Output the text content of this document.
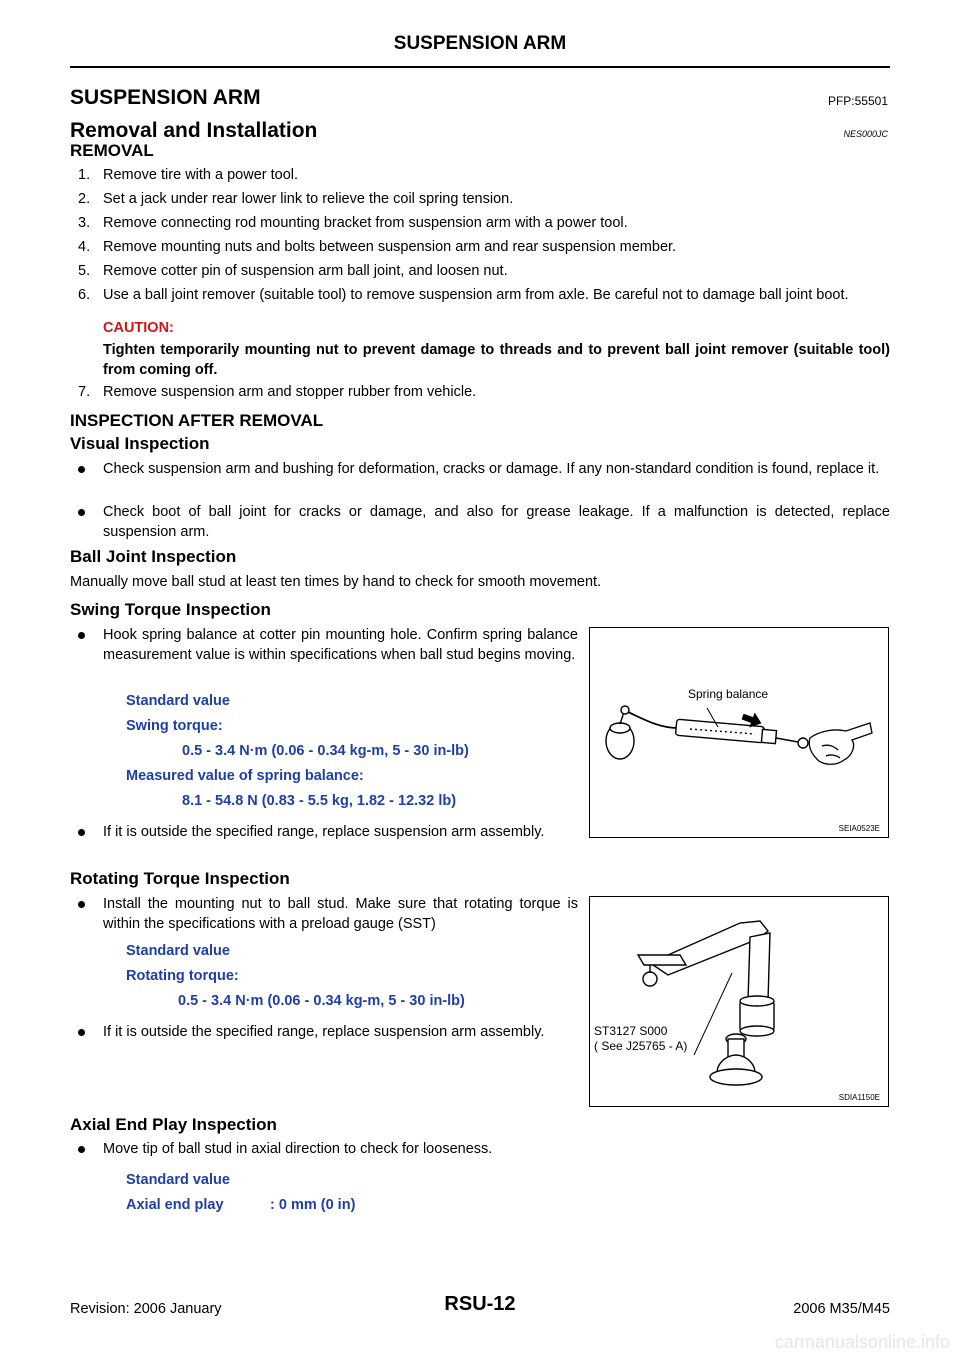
SUSPENSION ARM
SUSPENSION ARM	PFP:55501
Removal and Installation	NES000JC
REMOVAL
1. Remove tire with a power tool.
2. Set a jack under rear lower link to relieve the coil spring tension.
3. Remove connecting rod mounting bracket from suspension arm with a power tool.
4. Remove mounting nuts and bolts between suspension arm and rear suspension member.
5. Remove cotter pin of suspension arm ball joint, and loosen nut.
6. Use a ball joint remover (suitable tool) to remove suspension arm from axle. Be careful not to damage ball joint boot.
CAUTION:
Tighten temporarily mounting nut to prevent damage to threads and to prevent ball joint remover (suitable tool) from coming off.
7. Remove suspension arm and stopper rubber from vehicle.
INSPECTION AFTER REMOVAL
Visual Inspection
Check suspension arm and bushing for deformation, cracks or damage. If any non-standard condition is found, replace it.
Check boot of ball joint for cracks or damage, and also for grease leakage. If a malfunction is detected, replace suspension arm.
Ball Joint Inspection
Manually move ball stud at least ten times by hand to check for smooth movement.
Swing Torque Inspection
Hook spring balance at cotter pin mounting hole. Confirm spring balance measurement value is within specifications when ball stud begins moving.
Standard value
Swing torque:
0.5 - 3.4 N·m (0.06 - 0.34 kg-m, 5 - 30 in-lb)
Measured value of spring balance:
8.1 - 54.8 N (0.83 - 5.5 kg, 1.82 - 12.32 lb)
If it is outside the specified range, replace suspension arm assembly.
Spring balance
SEIA0523E
Rotating Torque Inspection
Install the mounting nut to ball stud. Make sure that rotating torque is within the specifications with a preload gauge (SST)
Standard value
Rotating torque:
0.5 - 3.4 N·m (0.06 - 0.34 kg-m, 5 - 30 in-lb)
If it is outside the specified range, replace suspension arm assembly.	ST3127 S000
( See J25765 - A)
SDIA1150E
Axial End Play Inspection
Move tip of ball stud in axial direction to check for looseness.
Standard value
Axial end play	: 0 mm (0 in)
Revision: 2006 January	RSU-12	2006 M35/M45
carmanualsonline.info
